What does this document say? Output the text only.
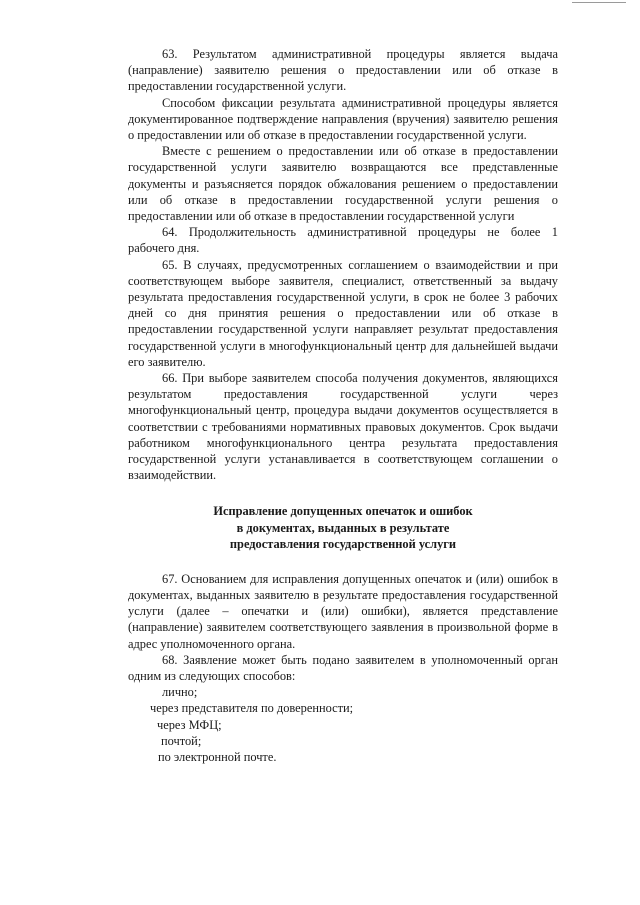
63. Результатом административной процедуры является выдача (направление) заявителю решения о предоставлении или об отказе в предоставлении государственной услуги.

Способом фиксации результата административной процедуры является документированное подтверждение направления (вручения) заявителю решения о предоставлении или об отказе в предоставлении государственной услуги.

Вместе с решением о предоставлении или об отказе в предоставлении государственной услуги заявителю возвращаются все представленные документы и разъясняется порядок обжалования решением о предоставлении или об отказе в предоставлении государственной услуги решения о предоставлении или об отказе в предоставлении государственной услуги

64. Продолжительность административной процедуры не более 1 рабочего дня.

65. В случаях, предусмотренных соглашением о взаимодействии и при соответствующем выборе заявителя, специалист, ответственный за выдачу результата предоставления государственной услуги, в срок не более 3 рабочих дней со дня принятия решения о предоставлении или об отказе в предоставлении государственной услуги направляет результат предоставления государственной услуги в многофункциональный центр для дальнейшей выдачи его заявителю.

66. При выборе заявителем способа получения документов, являющихся результатом предоставления государственной услуги через многофункциональный центр, процедура выдачи документов осуществляется в соответствии с требованиями нормативных правовых документов. Срок выдачи работником многофункционального центра результата предоставления государственной услуги устанавливается в соответствующем соглашении о взаимодействии.

Исправление допущенных опечаток и ошибок
в документах, выданных в результате
предоставления государственной услуги

67. Основанием для исправления допущенных опечаток и (или) ошибок в документах, выданных заявителю в результате предоставления государственной услуги (далее – опечатки и (или) ошибки), является представление (направление) заявителем соответствующего заявления в произвольной форме в адрес уполномоченного органа.

68. Заявление может быть подано заявителем в уполномоченный орган одним из следующих способов:

лично;
через представителя по доверенности;
через МФЦ;
почтой;
по электронной почте.
